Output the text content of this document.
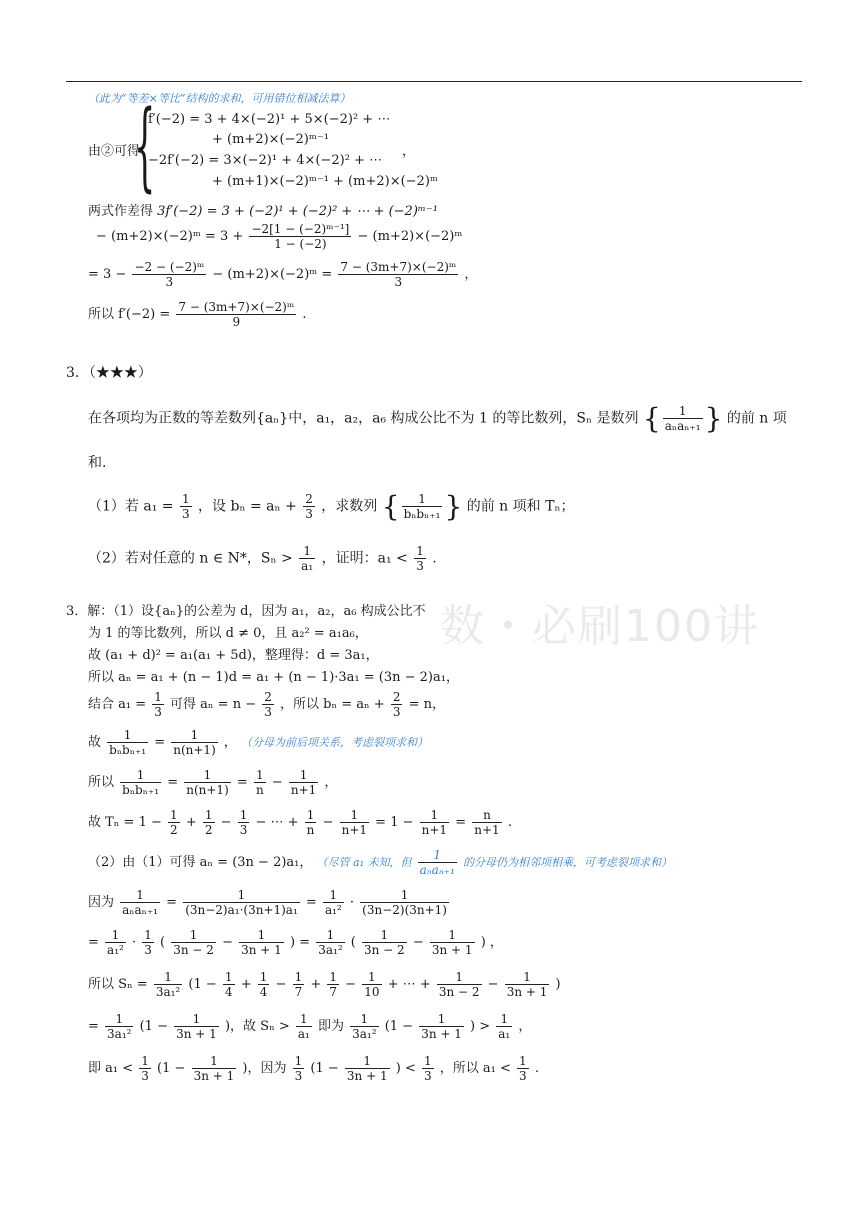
数・必刷100讲
（此为“等差×等比”结构的求和，可用错位相减法算）
由②可得
{
f′(−2) = 3 + 4×(−2)¹ + 5×(−2)² + ⋯
+ (m+2)×(−2)ᵐ⁻¹
−2f′(−2) = 3×(−2)¹ + 4×(−2)² + ⋯
+ (m+1)×(−2)ᵐ⁻¹ + (m+2)×(−2)ᵐ
，
两式作差得 3f′(−2) = 3 + (−2)¹ + (−2)² + ⋯ + (−2)ᵐ⁻¹
− (m+2)×(−2)ᵐ = $3 + \frac{\text{−2[1 − (−2)ᵐ⁻¹]}}{1 - (-2)}$ − (m+2)×(−2)ᵐ
= $3 - \frac{\text{−2 − (−2)ᵐ}}{3}$ − (m+2)×(−2)ᵐ = $\frac{\text{7 − (3m+7)×(−2)ᵐ}}{3}$ ，
所以 $f'(-2) = \frac{\text{7 − (3m+7)×(−2)ᵐ}}{9}$ .
3．（★★★）
在各项均为正数的等差数列{aₙ}中，a₁，a₂，a₆ 构成公比不为 1 的等比数列，Sₙ 是数列 { $\frac{1}{\text{aₙaₙ₊₁}}$ } 的前 n 项
和.
（1）若 $a_1 = \frac{1}{3}$ ，设 $b_n = a_n + \frac{2}{3}$ ，求数列 { $\frac{1}{\text{bₙbₙ₊₁}}$ } 的前 n 项和 Tₙ；
（2）若对任意的 n ∈ N*，$S_n > \frac{1}{\text{a₁}}$ ，证明：$a_1 < \frac{1}{3}$ .
3．解：（1）设{aₙ}的公差为 d，因为 a₁，a₂，a₆ 构成公比不
为 1 的等比数列，所以 d ≠ 0，且 a₂² = a₁a₆，
故 (a₁ + d)² = a₁(a₁ + 5d)，整理得：d = 3a₁，
所以 aₙ = a₁ + (n − 1)d = a₁ + (n − 1)·3a₁ = (3n − 2)a₁，
结合 $a_1 = \frac{1}{3}$ 可得 $a_n = n - \frac{2}{3}$ ，所以 $b_n = a_n + \frac{2}{3} = n$，
故 $\frac{1}{\text{bₙbₙ₊₁}} = \frac{1}{n(n+1)}$ ， （分母为前后项关系，考虑裂项求和）
所以 $\frac{1}{\text{bₙbₙ₊₁}} = \frac{1}{n(n+1)} = \frac{1}{n} - \frac{1}{n+1}$ ，
故 $T_n = 1 - \frac{1}{2} + \frac{1}{2} - \frac{1}{3}$ − ⋯ + $\frac{1}{n} - \frac{1}{n+1} = 1 - \frac{1}{n+1} = \frac{n}{n+1}$ .
（2）由（1）可得 aₙ = (3n − 2)a₁， （尽管 a₁ 未知，但 $\frac{1}{\text{aₙaₙ₊₁}}$ 的分母仍为相邻项相乘，可考虑裂项求和）
因为 $\frac{1}{\text{aₙaₙ₊₁}} = \frac{1}{\text{(3n−2)a₁·(3n+1)a₁}} = \frac{1}{\text{a₁²}} \cdot \frac{1}{(3n-2)(3n+1)}$
= $\frac{1}{\text{a₁²}} \cdot \frac{1}{3}$ ( $\frac{1}{3n - 2} - \frac{1}{3n + 1}$ ) = $\frac{1}{\text{3a₁²}}$ ( $\frac{1}{3n - 2} - \frac{1}{3n + 1}$ ) ，
所以 $S_n = \frac{1}{\text{3a₁²}} (1 - \frac{1}{4} + \frac{1}{4} - \frac{1}{7} + \frac{1}{7} - \frac{1}{10}$ + ⋯ + $\frac{1}{3n - 2} - \frac{1}{3n + 1}$ )
= $\frac{1}{\text{3a₁²}} (1 - \frac{1}{3n + 1}$ )，故 $S_n > \frac{1}{\text{a₁}}$ 即为 $\frac{1}{\text{3a₁²}} (1 - \frac{1}{3n + 1}$ ) > $\frac{1}{\text{a₁}}$ ，
即 $a_1 < \frac{1}{3} (1 - \frac{1}{3n + 1}$ )，因为 $\frac{1}{3} (1 - \frac{1}{3n + 1}$ ) < $\frac{1}{3}$ ，所以 $a_1 < \frac{1}{3}$ .
